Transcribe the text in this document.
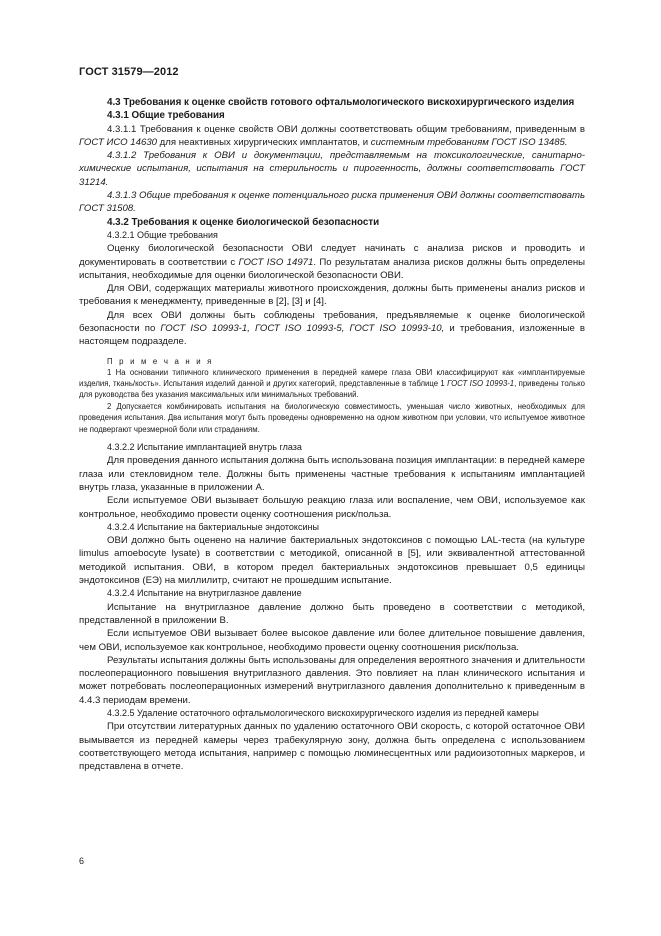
ГОСТ 31579—2012

4.3 Требования к оценке свойств готового офтальмологического вискохирургического изделия

4.3.1 Общие требования

4.3.1.1 Требования к оценке свойств ОВИ должны соответствовать общим требованиям, приведенным в ГОСТ ИСО 14630 для неактивных хирургических имплантатов, и системным требованиям ГОСТ ISO 13485.

4.3.1.2 Требования к ОВИ и документации, представляемым на токсикологические, санитарно-химические испытания, испытания на стерильность и пирогенность, должны соответствовать ГОСТ 31214.

4.3.1.3 Общие требования к оценке потенциального риска применения ОВИ должны соответствовать ГОСТ 31508.

4.3.2 Требования к оценке биологической безопасности

4.3.2.1 Общие требования

Оценку биологической безопасности ОВИ следует начинать с анализа рисков и проводить и документировать в соответствии с ГОСТ ISO 14971. По результатам анализа рисков должны быть определены испытания, необходимые для оценки биологической безопасности ОВИ.

Для ОВИ, содержащих материалы животного происхождения, должны быть применены анализ рисков и требования к менеджменту, приведенные в [2], [3] и [4].

Для всех ОВИ должны быть соблюдены требования, предъявляемые к оценке биологической безопасности по ГОСТ ISO 10993-1, ГОСТ ISO 10993-5, ГОСТ ISO 10993-10, и требования, изложенные в настоящем подразделе.

П р и м е ч а н и я

1 На основании типичного клинического применения в передней камере глаза ОВИ классифицируют как «имплантируемые изделия, ткань/кость». Испытания изделий данной и других категорий, представленные в таблице 1 ГОСТ ISO 10993-1, приведены только для руководства без указания максимальных или минимальных требований.

2 Допускается комбинировать испытания на биологическую совместимость, уменьшая число животных, необходимых для проведения испытания. Два испытания могут быть проведены одновременно на одном животном при условии, что испытуемое животное не подвергают чрезмерной боли или страданиям.

4.3.2.2 Испытание имплантацией внутрь глаза

Для проведения данного испытания должна быть использована позиция имплантации: в передней камере глаза или стекловидном теле. Должны быть применены частные требования к испытаниям имплантацией внутрь глаза, указанные в приложении А.

Если испытуемое ОВИ вызывает большую реакцию глаза или воспаление, чем ОВИ, используемое как контрольное, необходимо провести оценку соотношения риск/польза.

4.3.2.4 Испытание на бактериальные эндотоксины

ОВИ должно быть оценено на наличие бактериальных эндотоксинов с помощью LAL-теста (на культуре limulus amoebocyte lysate) в соответствии с методикой, описанной в [5], или эквивалентной аттестованной методикой испытания. ОВИ, в котором предел бактериальных эндотоксинов превышает 0,5 единицы эндотоксинов (ЕЭ) на миллилитр, считают не прошедшим испытание.

4.3.2.4 Испытание на внутриглазное давление

Испытание на внутриглазное давление должно быть проведено в соответствии с методикой, представленной в приложении В.

Если испытуемое ОВИ вызывает более высокое давление или более длительное повышение давления, чем ОВИ, используемое как контрольное, необходимо провести оценку соотношения риск/польза.

Результаты испытания должны быть использованы для определения вероятного значения и длительности послеоперационного повышения внутриглазного давления. Это повлияет на план клинического испытания и может потребовать послеоперационных измерений внутриглазного давления дополнительно к приведенным в 4.4.3 периодам времени.

4.3.2.5 Удаление остаточного офтальмологического вискохирургического изделия из передней камеры

При отсутствии литературных данных по удалению остаточного ОВИ скорость, с которой остаточное ОВИ вымывается из передней камеры через трабекулярную зону, должна быть определена с использованием соответствующего метода испытания, например с помощью люминесцентных или радиоизотопных маркеров, и представлена в отчете.

6
